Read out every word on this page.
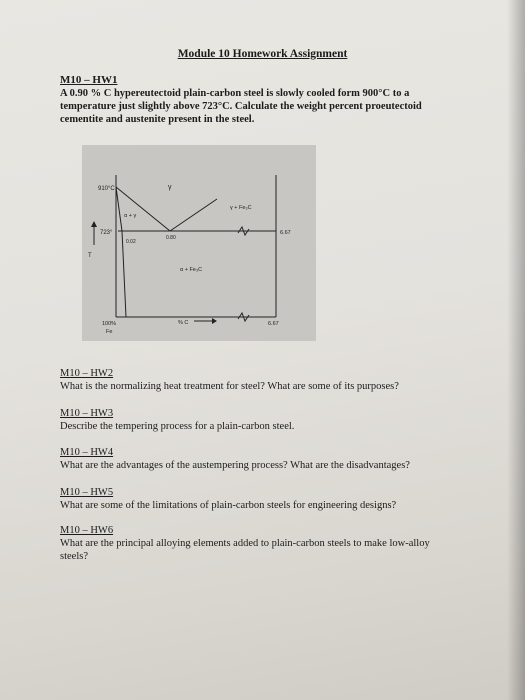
Module 10 Homework Assignment
M10 – HW1
A 0.90 % C hypereutectoid plain-carbon steel is slowly cooled form 900°C to a
temperature just slightly above 723°C. Calculate the weight percent proeutectoid
cementite and austenite present in the steel.
910°C
723°
γ
α + γ
γ + Fe₃C
α + Fe₃C
0.80
0.02
6.67
6.67
100%
Fe
% C
T
M10 – HW2
What is the normalizing heat treatment for steel? What are some of its purposes?
M10 – HW3
Describe the tempering process for a plain-carbon steel.
M10 – HW4
What are the advantages of the austempering process? What are the disadvantages?
M10 – HW5
What are some of the limitations of plain-carbon steels for engineering designs?
M10 – HW6
What are the principal alloying elements added to plain-carbon steels to make low-alloy
steels?
